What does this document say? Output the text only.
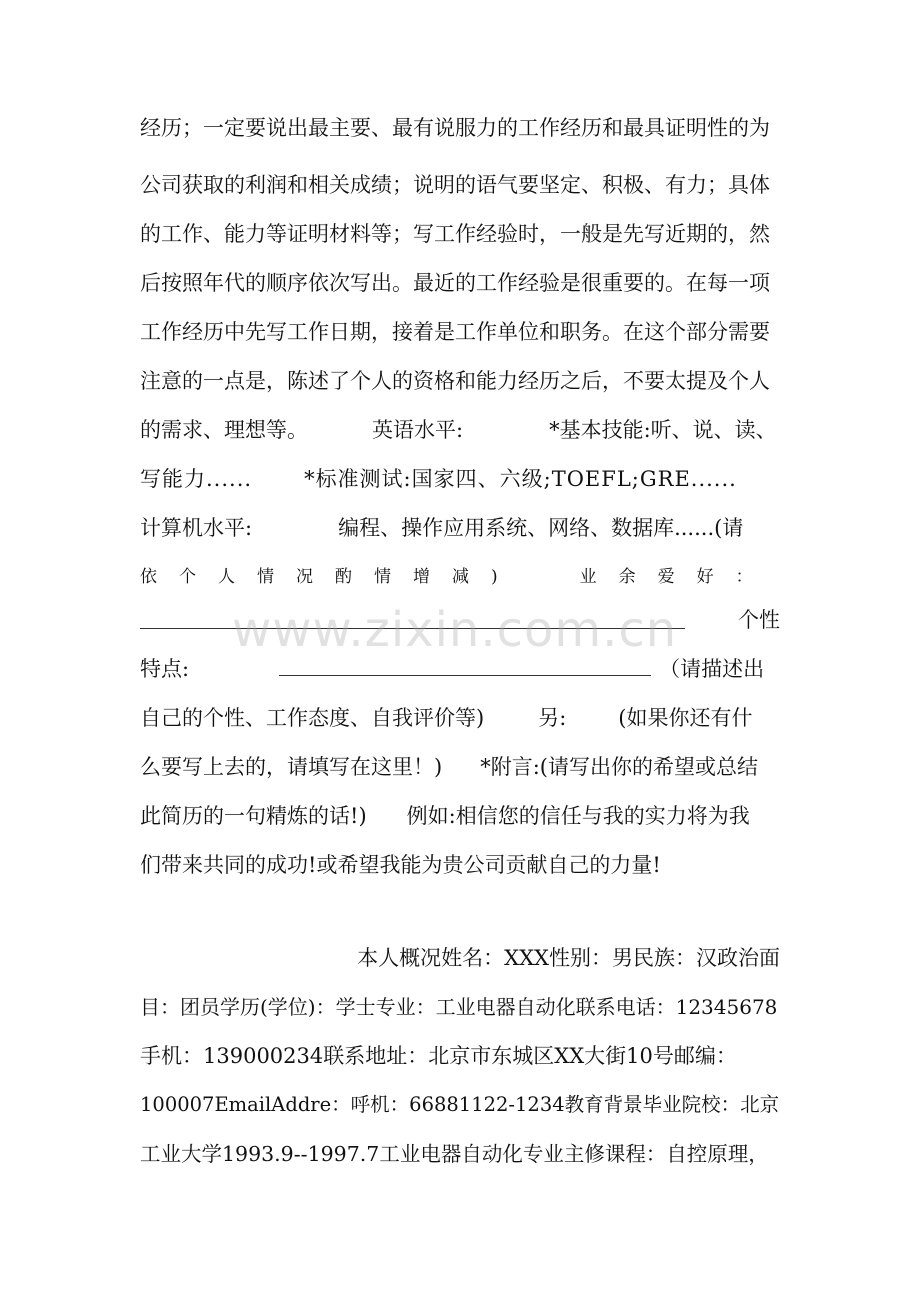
经历；一定要说出最主要、最有说服力的工作经历和最具证明性的为
公司获取的利润和相关成绩；说明的语气要坚定、积极、有力；具体
的工作、能力等证明材料等；写工作经验时，一般是先写近期的，然
后按照年代的顺序依次写出。最近的工作经验是很重要的。在每一项
工作经历中先写工作日期，接着是工作单位和职务。在这个部分需要
注意的一点是，陈述了个人的资格和能力经历之后，不要太提及个人
的需求、理想等。	英语水平:	*基本技能:听、说、读、
写能力...... *标准测试:国家四、六级;TOEFL;GRE......
计算机水平:	编程、操作应用系统、网络、数据库......(请
依个人情况酌情增减)	业余爱好：
www.zixin.com.cn	个性
特点:	（请描述出
自己的个性、工作态度、自我评价等)	另: (如果你还有什
么要写上去的，请填写在这里！) *附言:(请写出你的希望或总结
此简历的一句精炼的话!) 例如:相信您的信任与我的实力将为我
们带来共同的成功!或希望我能为贵公司贡献自己的力量!
本人概况姓名：XXX性别：男民族：汉政治面
目：团员学历(学位)：学士专业：工业电器自动化联系电话：12345678
手机：139000234联系地址：北京市东城区XX大街10号邮编：
100007EmailAddre：呼机：66881122-1234教育背景毕业院校：北京
工业大学1993.9--1997.7工业电器自动化专业主修课程：自控原理，
